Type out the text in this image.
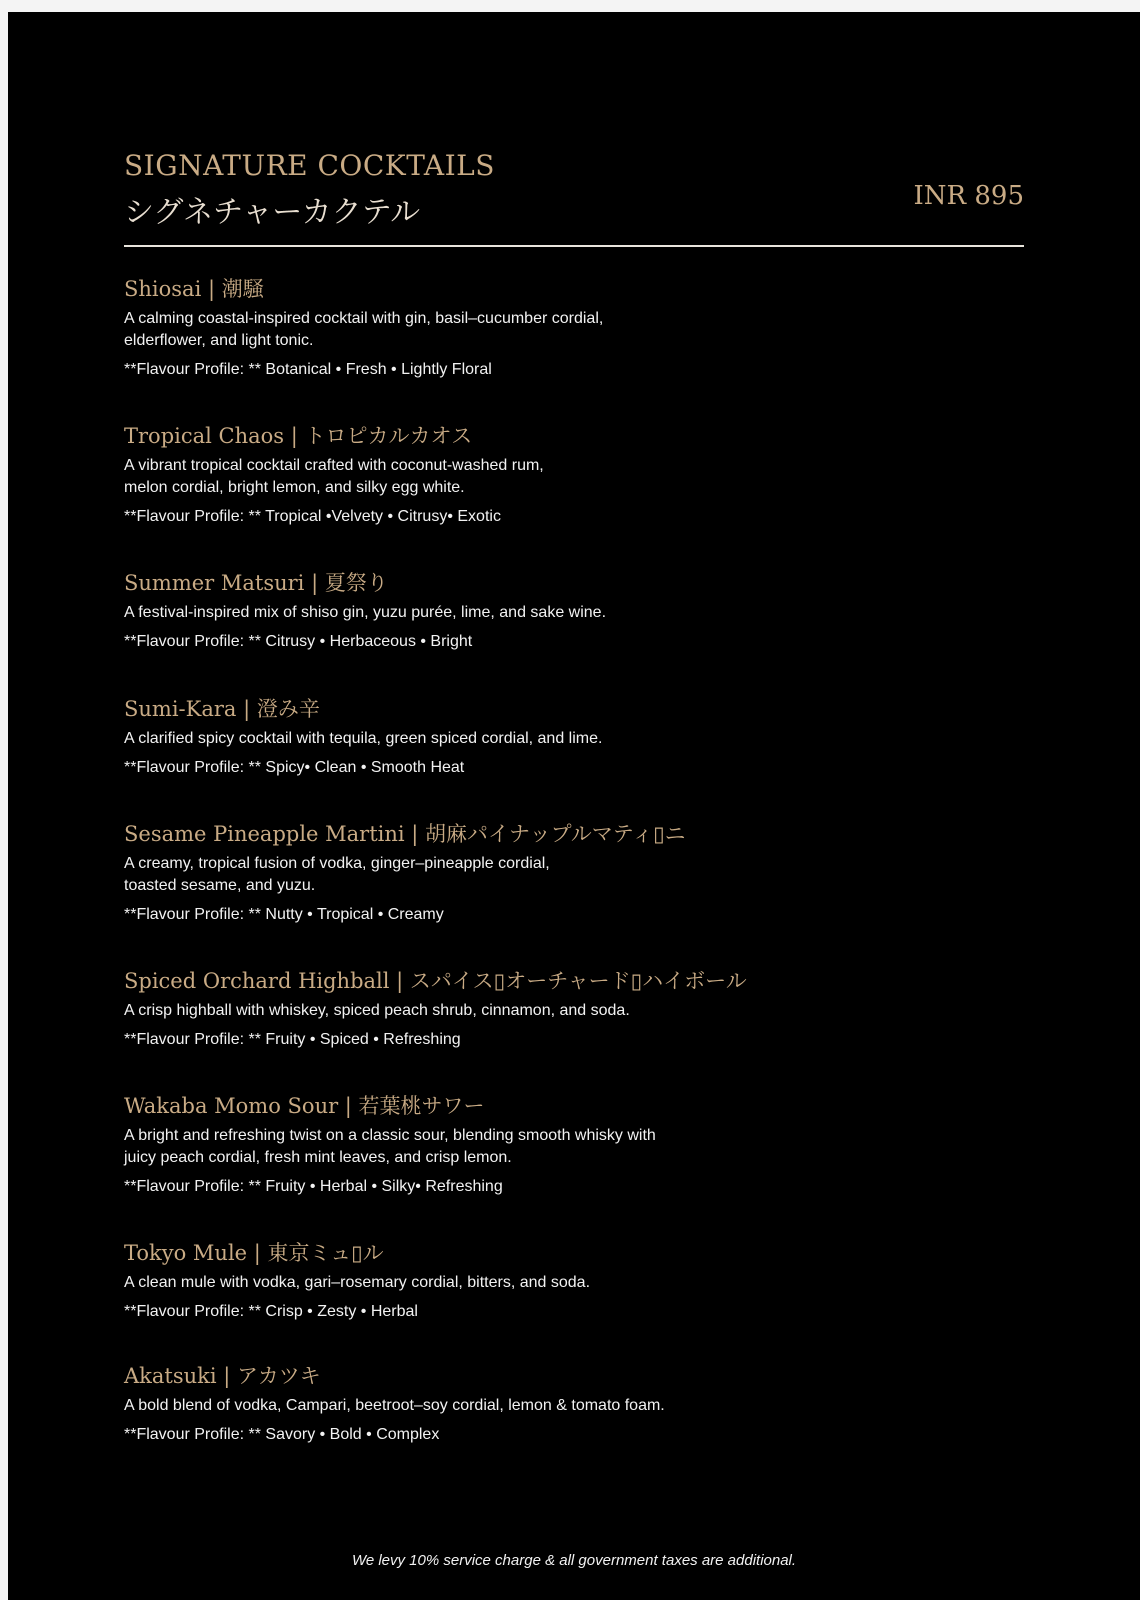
SIGNATURE COCKTAILS
シグネチャーカクテル	INR 895
Shiosai | 潮騒
A calming coastal-inspired cocktail with gin, basil–cucumber cordial,
elderflower, and light tonic.
**Flavour Profile: ** Botanical • Fresh • Lightly Floral
Tropical Chaos | トロピカルカオス
A vibrant tropical cocktail crafted with coconut-washed rum,
melon cordial, bright lemon, and silky egg white.
**Flavour Profile: ** Tropical •Velvety • Citrusy• Exotic
Summer Matsuri | 夏祭り
A festival-inspired mix of shiso gin, yuzu purée, lime, and sake wine.
**Flavour Profile: ** Citrusy • Herbaceous • Bright
Sumi-Kara | 澄み辛
A clarified spicy cocktail with tequila, green spiced cordial, and lime.
**Flavour Profile: ** Spicy• Clean • Smooth Heat
Sesame Pineapple Martini | 胡麻パイナップルマティ▯ニ
A creamy, tropical fusion of vodka, ginger–pineapple cordial,
toasted sesame, and yuzu.
**Flavour Profile: ** Nutty • Tropical • Creamy
Spiced Orchard Highball | スパイス▯オーチャード▯ハイボール
A crisp highball with whiskey, spiced peach shrub, cinnamon, and soda.
**Flavour Profile: ** Fruity • Spiced • Refreshing
Wakaba Momo Sour | 若葉桃サワー
A bright and refreshing twist on a classic sour, blending smooth whisky with
juicy peach cordial, fresh mint leaves, and crisp lemon.
**Flavour Profile: ** Fruity • Herbal • Silky• Refreshing
Tokyo Mule | 東京ミュ▯ル
A clean mule with vodka, gari–rosemary cordial, bitters, and soda.
**Flavour Profile: ** Crisp • Zesty • Herbal
Akatsuki | アカツキ
A bold blend of vodka, Campari, beetroot–soy cordial, lemon & tomato foam.
**Flavour Profile: ** Savory • Bold • Complex
We levy 10% service charge & all government taxes are additional.
